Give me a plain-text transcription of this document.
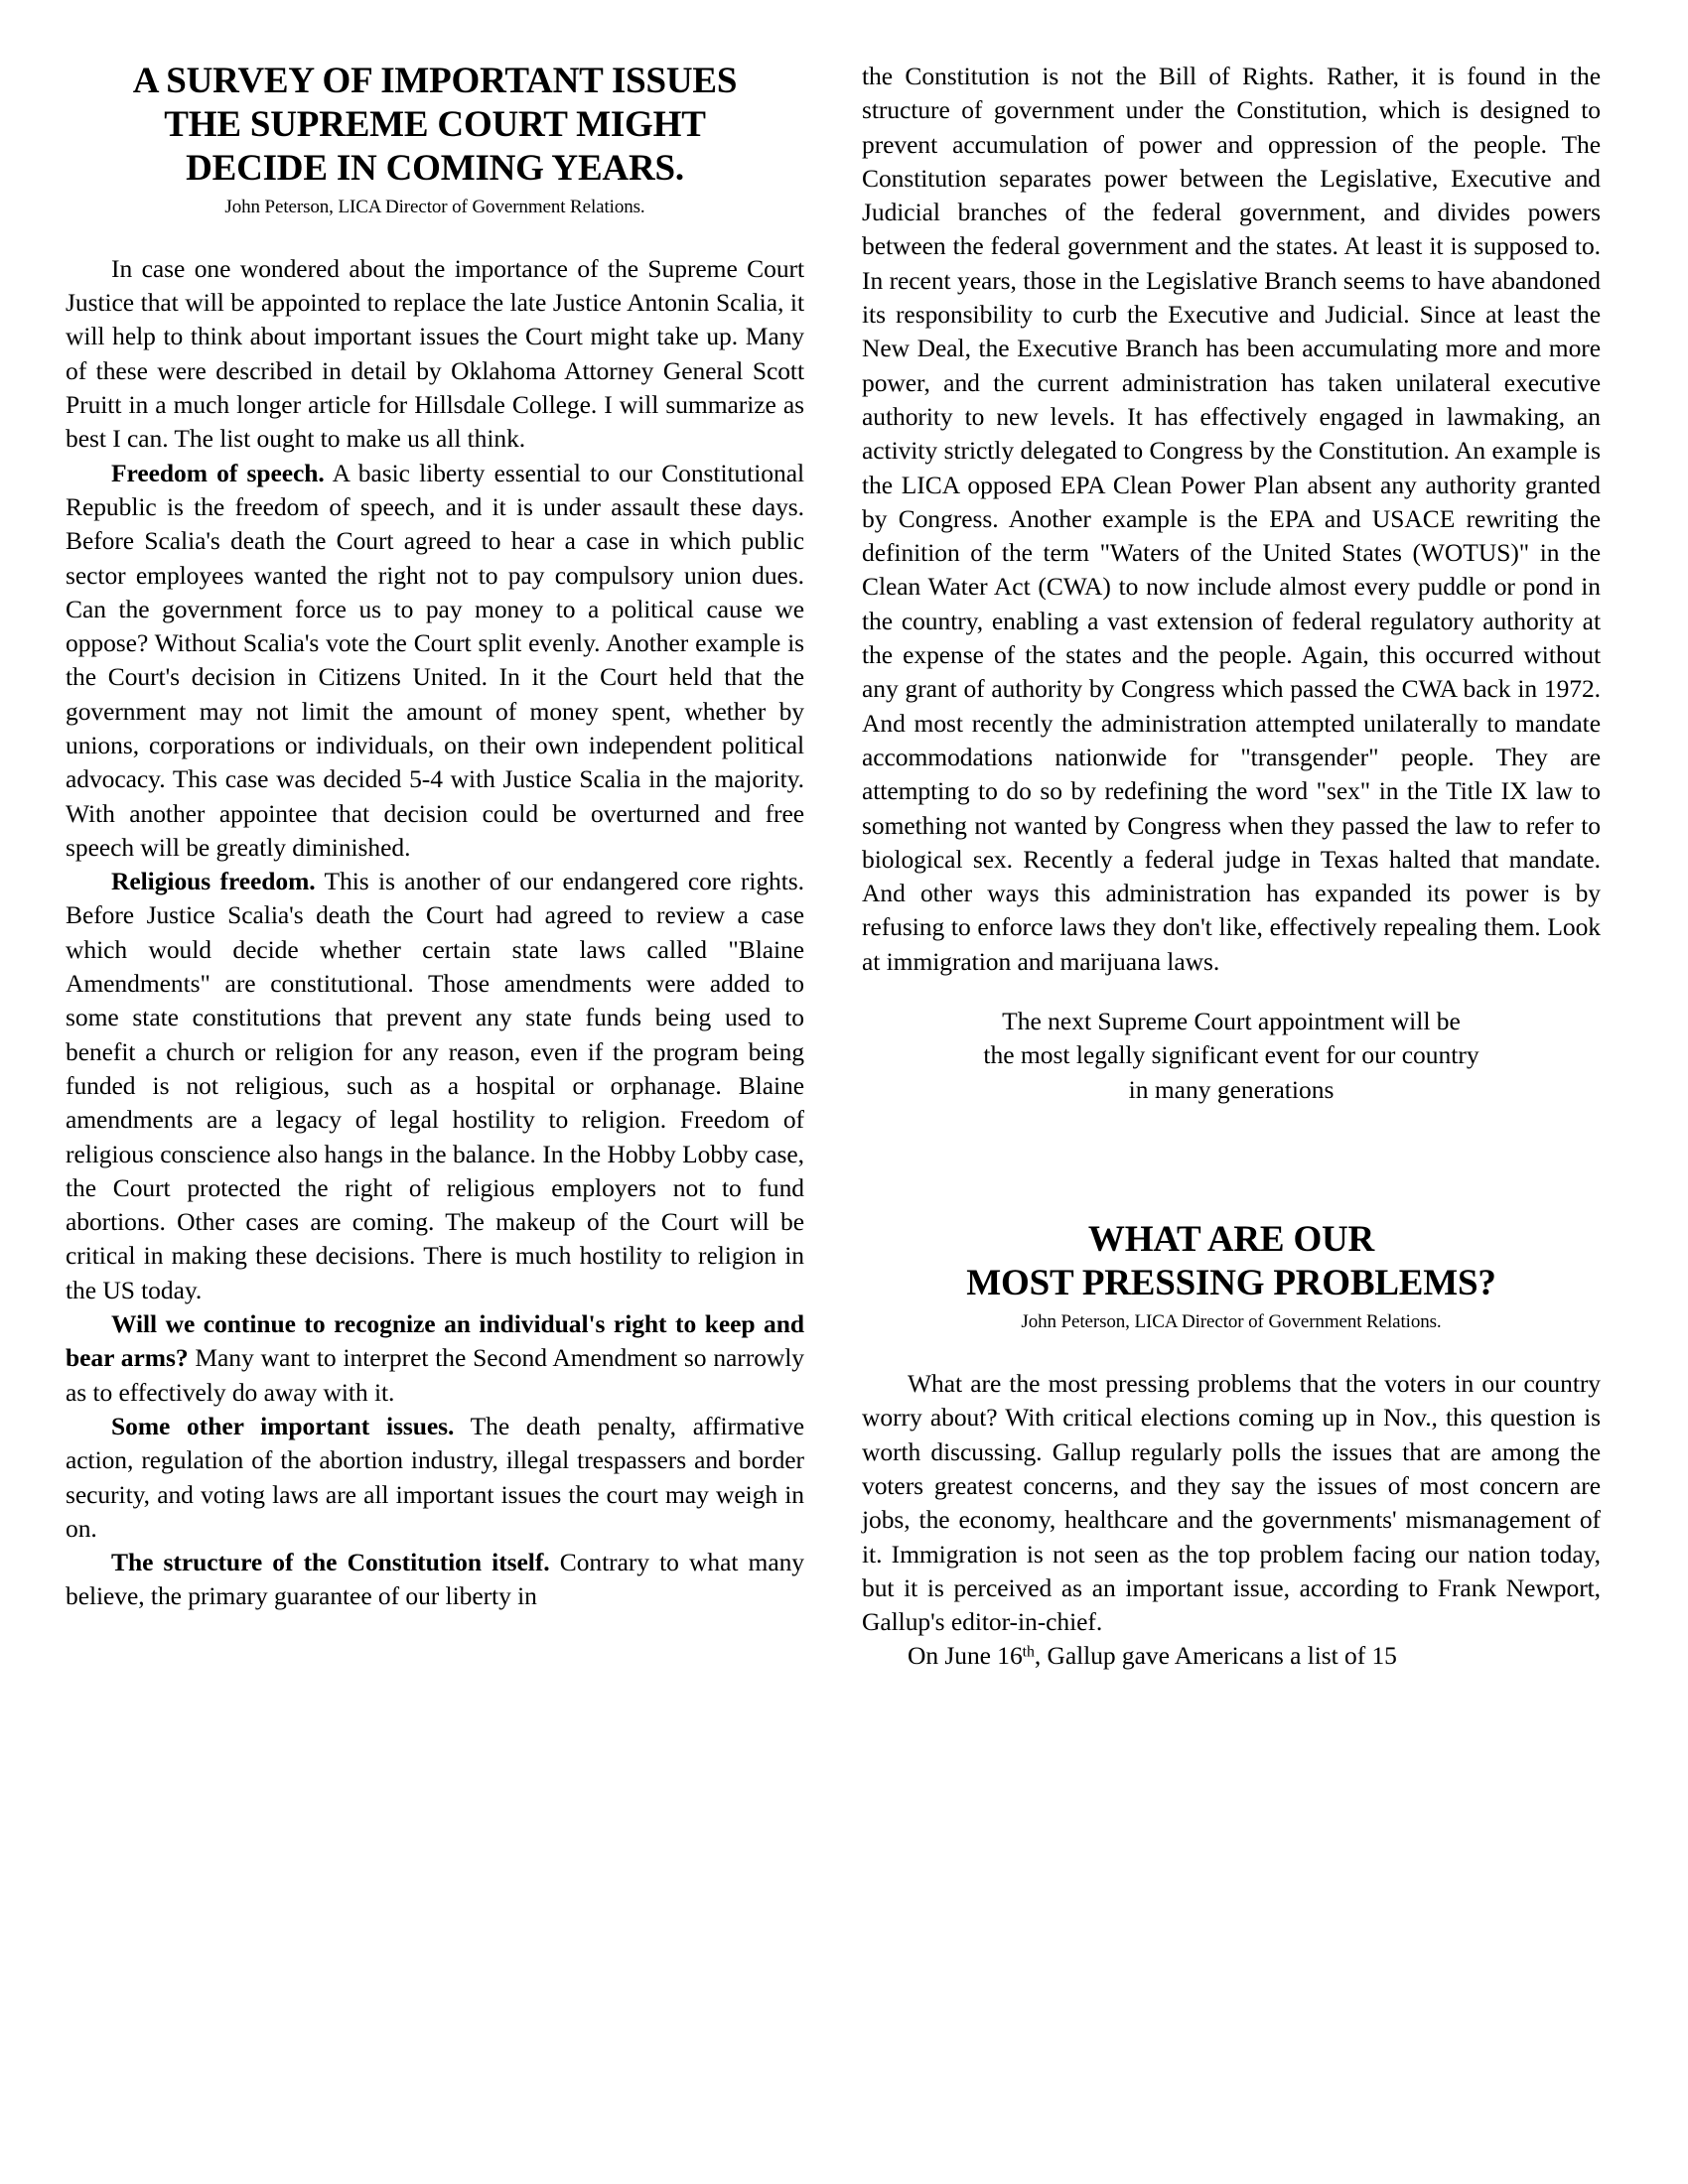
A SURVEY OF IMPORTANT ISSUES
THE SUPREME COURT MIGHT
DECIDE IN COMING YEARS.
John Peterson, LICA Director of Government Relations.

In case one wondered about the importance of the Supreme Court Justice that will be appointed to replace the late Justice Antonin Scalia, it will help to think about important issues the Court might take up. Many of these were described in detail by Oklahoma Attorney General Scott Pruitt in a much longer article for Hillsdale College. I will summarize as best I can. The list ought to make us all think.

Freedom of speech. A basic liberty essential to our Constitutional Republic is the freedom of speech, and it is under assault these days. Before Scalia's death the Court agreed to hear a case in which public sector employees wanted the right not to pay compulsory union dues. Can the government force us to pay money to a political cause we oppose? Without Scalia's vote the Court split evenly. Another example is the Court's decision in Citizens United. In it the Court held that the government may not limit the amount of money spent, whether by unions, corporations or individuals, on their own independent political advocacy. This case was decided 5-4 with Justice Scalia in the majority. With another appointee that decision could be overturned and free speech will be greatly diminished.

Religious freedom. This is another of our endangered core rights. Before Justice Scalia's death the Court had agreed to review a case which would decide whether certain state laws called "Blaine Amendments" are constitutional. Those amendments were added to some state constitutions that prevent any state funds being used to benefit a church or religion for any reason, even if the program being funded is not religious, such as a hospital or orphanage. Blaine amendments are a legacy of legal hostility to religion. Freedom of religious conscience also hangs in the balance. In the Hobby Lobby case, the Court protected the right of religious employers not to fund abortions. Other cases are coming. The makeup of the Court will be critical in making these decisions. There is much hostility to religion in the US today.

Will we continue to recognize an individual's right to keep and bear arms? Many want to interpret the Second Amendment so narrowly as to effectively do away with it.

Some other important issues. The death penalty, affirmative action, regulation of the abortion industry, illegal trespassers and border security, and voting laws are all important issues the court may weigh in on.

The structure of the Constitution itself. Contrary to what many believe, the primary guarantee of our liberty in

the Constitution is not the Bill of Rights. Rather, it is found in the structure of government under the Constitution, which is designed to prevent accumulation of power and oppression of the people. The Constitution separates power between the Legislative, Executive and Judicial branches of the federal government, and divides powers between the federal government and the states. At least it is supposed to. In recent years, those in the Legislative Branch seems to have abandoned its responsibility to curb the Executive and Judicial. Since at least the New Deal, the Executive Branch has been accumulating more and more power, and the current administration has taken unilateral executive authority to new levels. It has effectively engaged in lawmaking, an activity strictly delegated to Congress by the Constitution. An example is the LICA opposed EPA Clean Power Plan absent any authority granted by Congress. Another example is the EPA and USACE rewriting the definition of the term "Waters of the United States (WOTUS)" in the Clean Water Act (CWA) to now include almost every puddle or pond in the country, enabling a vast extension of federal regulatory authority at the expense of the states and the people. Again, this occurred without any grant of authority by Congress which passed the CWA back in 1972. And most recently the administration attempted unilaterally to mandate accommodations nationwide for "transgender" people. They are attempting to do so by redefining the word "sex" in the Title IX law to something not wanted by Congress when they passed the law to refer to biological sex. Recently a federal judge in Texas halted that mandate. And other ways this administration has expanded its power is by refusing to enforce laws they don't like, effectively repealing them. Look at immigration and marijuana laws.

The next Supreme Court appointment will be
the most legally significant event for our country
in many generations
WHAT ARE OUR
MOST PRESSING PROBLEMS?
John Peterson, LICA Director of Government Relations.

What are the most pressing problems that the voters in our country worry about? With critical elections coming up in Nov., this question is worth discussing. Gallup regularly polls the issues that are among the voters greatest concerns, and they say the issues of most concern are jobs, the economy, healthcare and the governments' mismanagement of it. Immigration is not seen as the top problem facing our nation today, but it is perceived as an important issue, according to Frank Newport, Gallup's editor-in-chief.

On June 16th, Gallup gave Americans a list of 15
